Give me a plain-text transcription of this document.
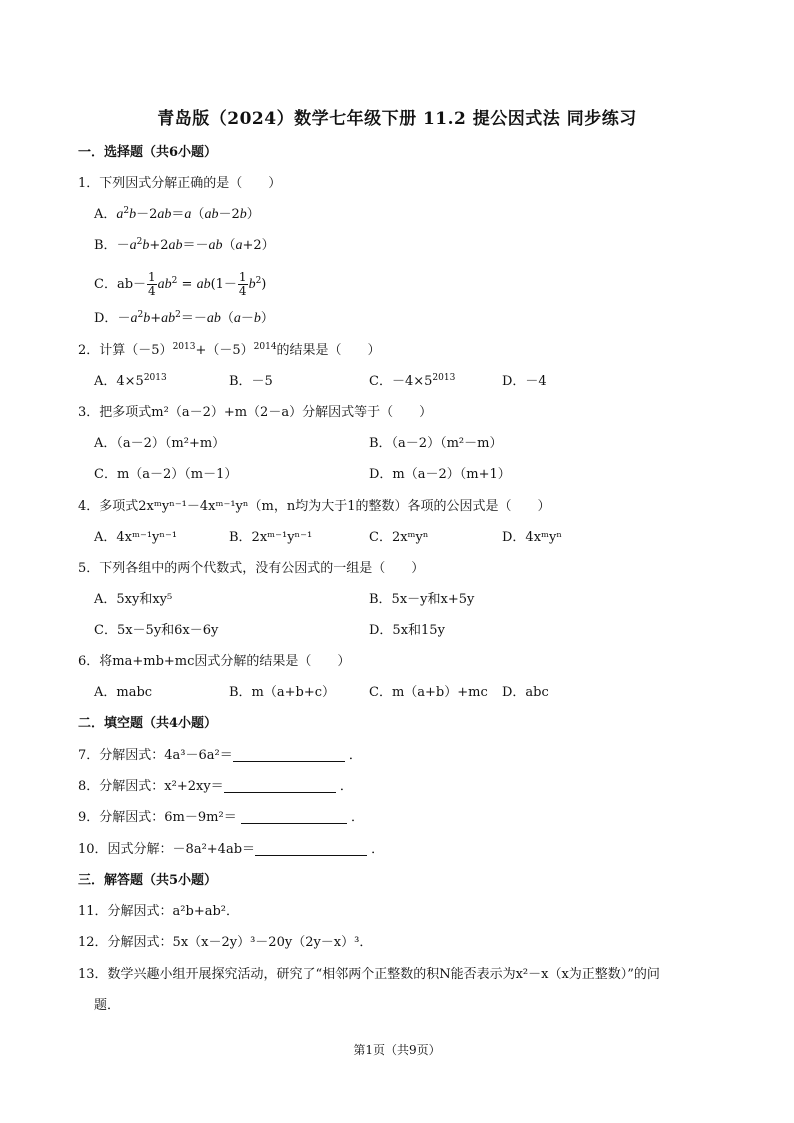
青岛版（2024）数学七年级下册 11.2 提公因式法 同步练习
一．选择题（共6小题）
1．下列因式分解正确的是（　　）
A．$a^2b-2ab=a(ab-2b)$
B．$-a^2b+2ab=-ab(a+2)$
C．$ab- \frac{1}{4} ab^2 = ab(1- \frac{1}{4} b^2)$
D．$-a^2b+ab^2=-ab(a-b)$
2．计算$(-5)^{2013}+(-5)^{2014}$的结果是（　　）
A．$4\times 5^{2013}$	B．－5	C．$-4\times 5^{2013}$	D．－4
3．把多项式m²（a－2）+m（2－a）分解因式等于（　　）
A．（a－2）（m²+m）	B．（a－2）（m²－m）
C．m（a－2）（m－1）	D．m（a－2）（m+1）
4．多项式2xᵐyⁿ⁻¹－4xᵐ⁻¹yⁿ（m，n均为大于1的整数）各项的公因式是（　　）
A．4xᵐ⁻¹yⁿ⁻¹	B．2xᵐ⁻¹yⁿ⁻¹	C．2xᵐyⁿ	D．4xᵐyⁿ
5．下列各组中的两个代数式，没有公因式的一组是（　　）
A．5xy和xy⁵	B．5x－y和x+5y
C．5x－5y和6x－6y	D．5x和15y
6．将ma+mb+mc因式分解的结果是（　　）
A．mabc	B．m（a+b+c）	C．m（a+b）+mc D．abc
二．填空题（共4小题）
7．分解因式：4a³－6a²＝	．
8．分解因式：x²+2xy＝	．
9．分解因式：6m－9m²＝	．
10．因式分解：－8a²+4ab＝	．
三．解答题（共5小题）
11．分解因式：a²b+ab²．
12．分解因式：5x（x－2y）³－20y（2y－x）³．
13．数学兴趣小组开展探究活动，研究了“相邻两个正整数的积N能否表示为x²－x（x为正整数）”的问
题．
第1页（共9页）
